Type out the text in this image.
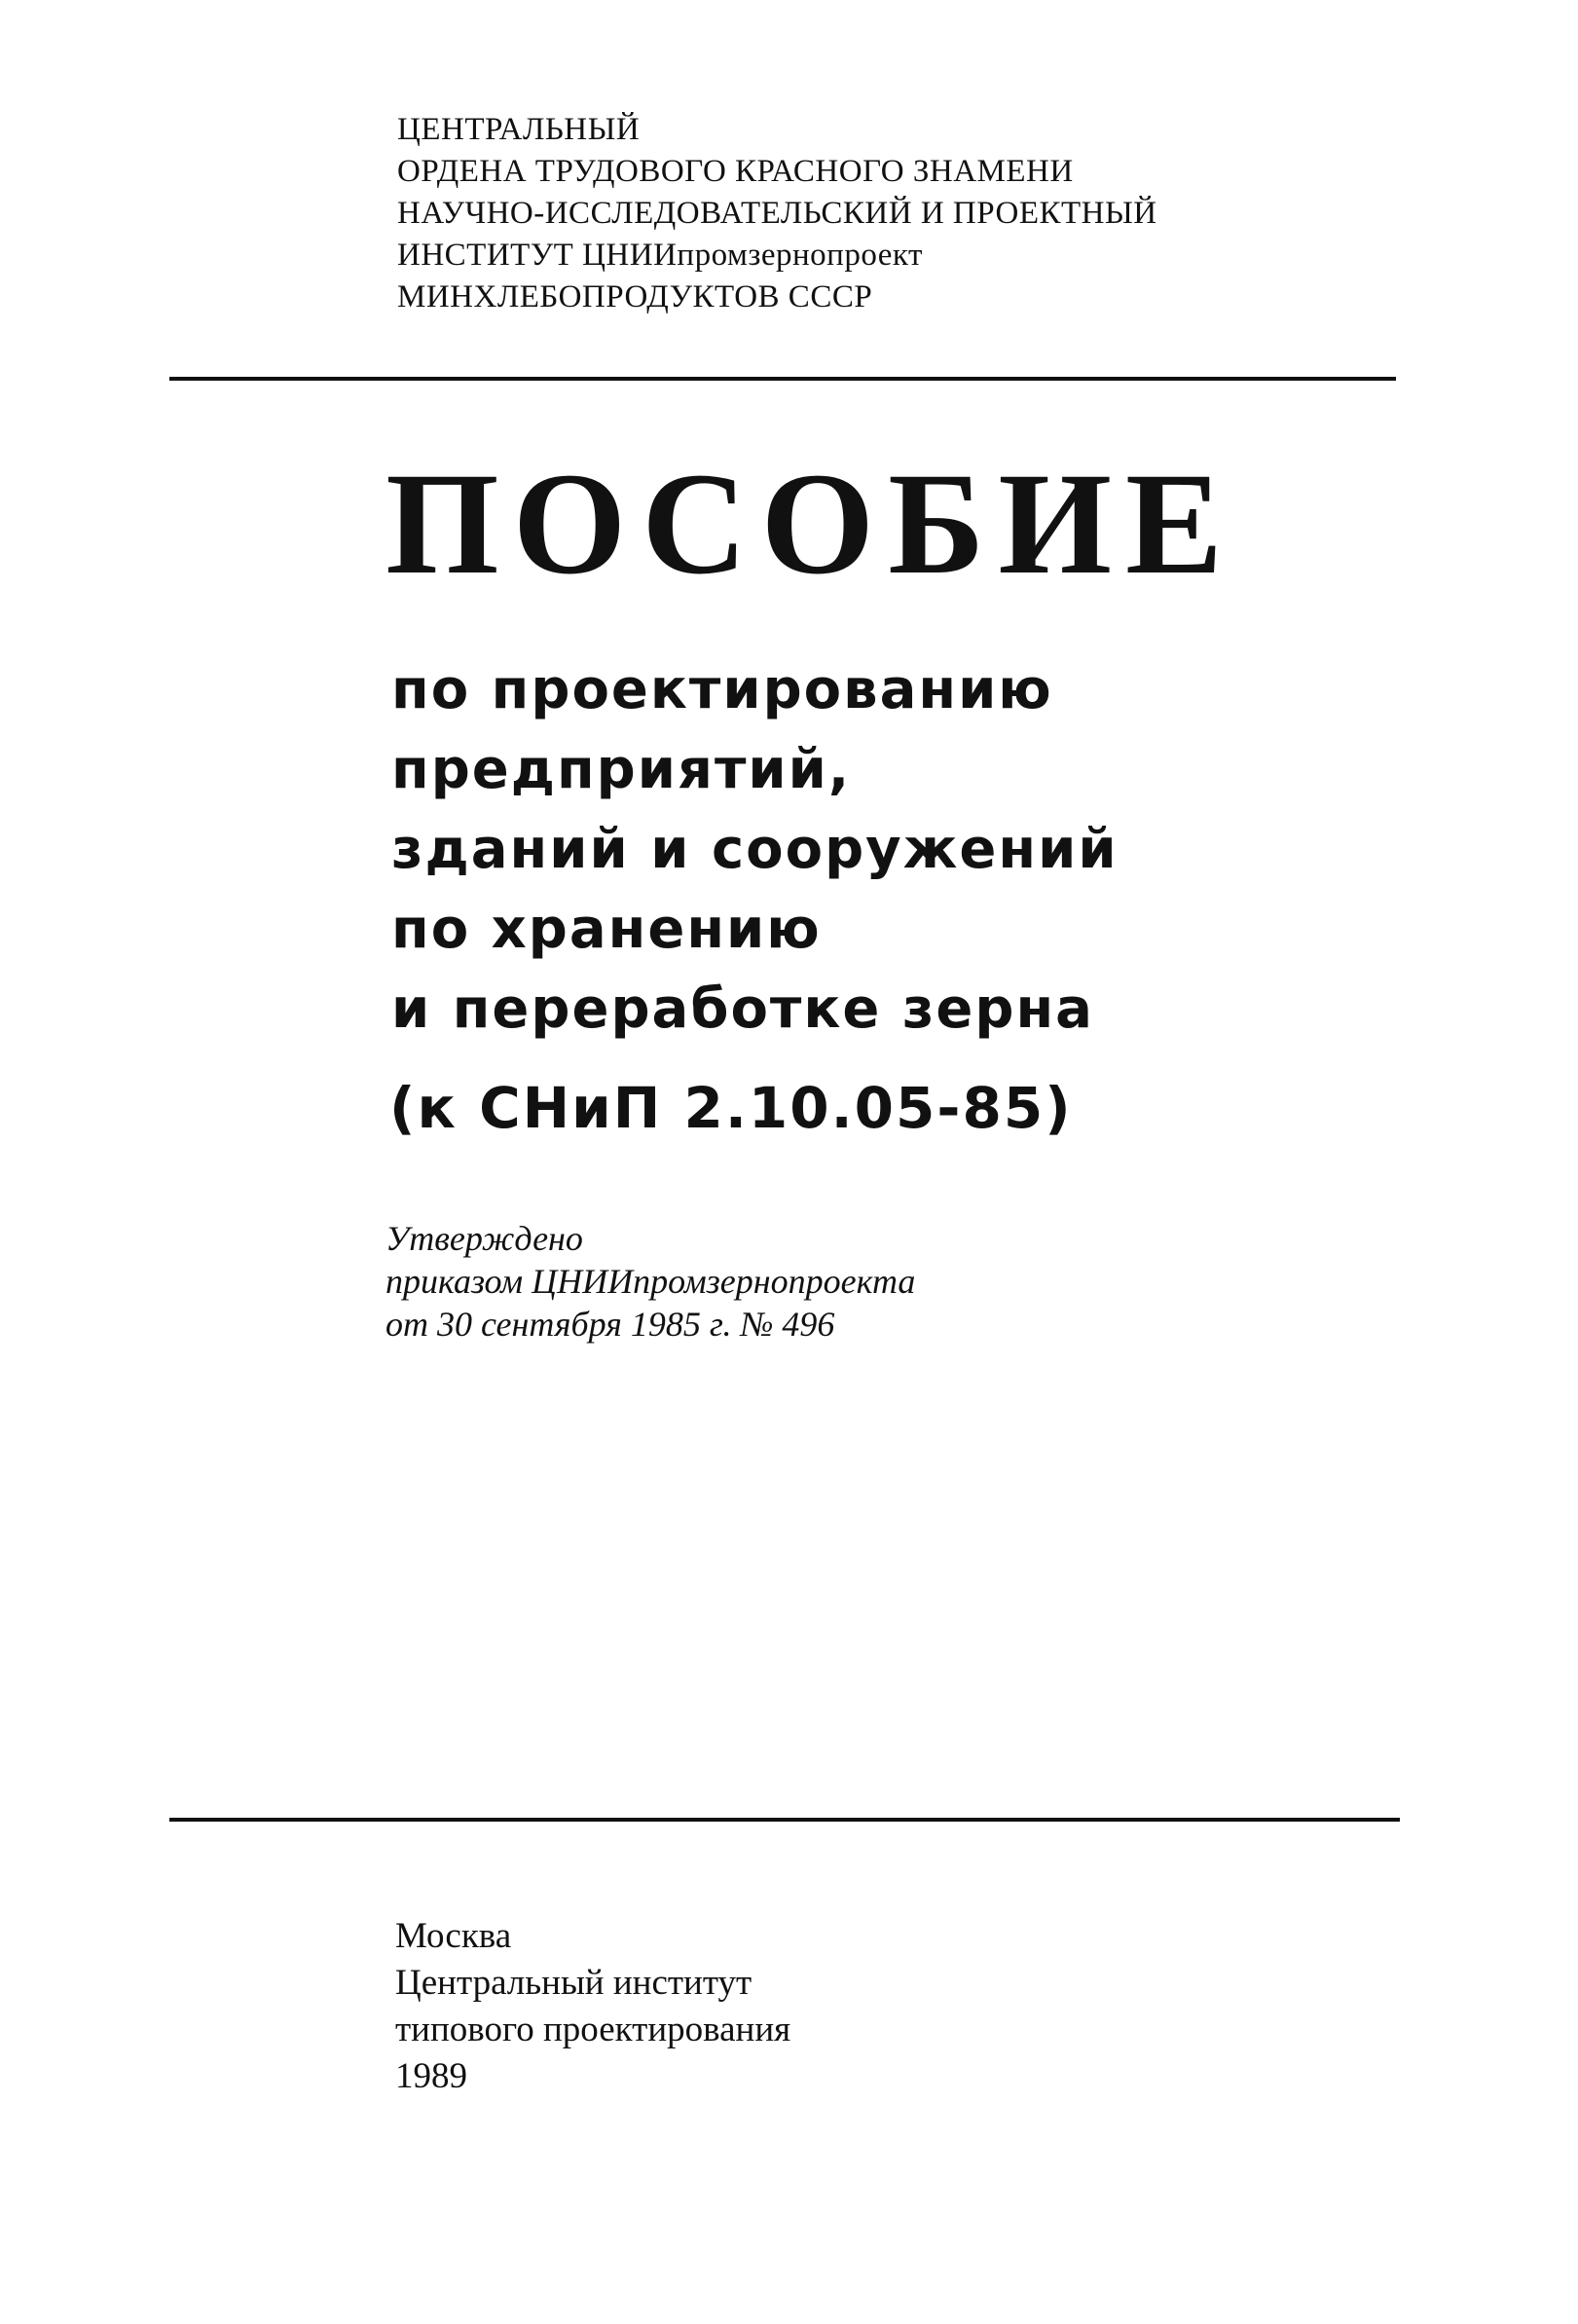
ЦЕНТРАЛЬНЫЙ
ОРДЕНА ТРУДОВОГО КРАСНОГО ЗНАМЕНИ
НАУЧНО-ИССЛЕДОВАТЕЛЬСКИЙ И ПРОЕКТНЫЙ
ИНСТИТУТ ЦНИИпромзернопроект
МИНХЛЕБОПРОДУКТОВ СССР
ПОСОБИЕ
по проектированию
предприятий,
зданий и сооружений
по хранению
и переработке зерна
(к СНиП 2.10.05-85)
Утверждено
приказом ЦНИИпромзернопроекта
от 30 сентября 1985 г. № 496
Москва
Центральный институт
типового проектирования
1989
